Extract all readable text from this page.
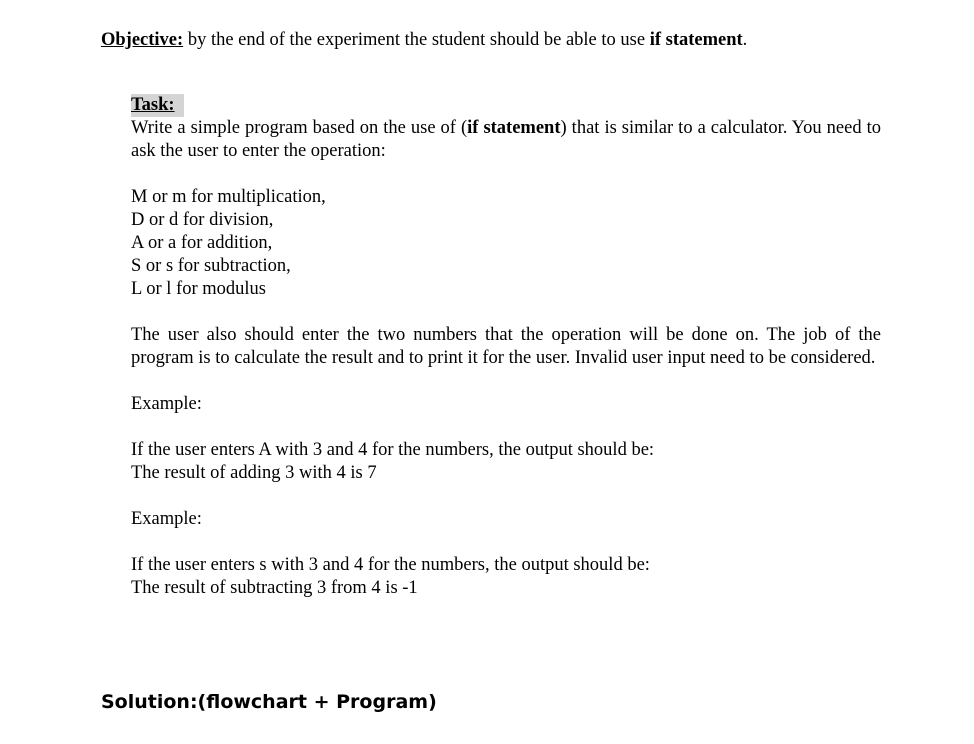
Objective: by the end of the experiment the student should be able to use if statement.
Task:

Write a simple program based on the use of (if statement) that is similar to a calculator. You need to ask the user to enter the operation:

M or m for multiplication,

D or d for division,

A or a for addition,

S or s for subtraction,

L or l for modulus

The user also should enter the two numbers that the operation will be done on. The job of the program is to calculate the result and to print it for the user. Invalid user input need to be considered.

Example:

If the user enters A with 3 and 4 for the numbers, the output should be:

The result of adding 3 with 4 is 7

Example:

If the user enters s with 3 and 4 for the numbers, the output should be:

The result of subtracting 3 from 4 is -1

Solution:(flowchart + Program)
